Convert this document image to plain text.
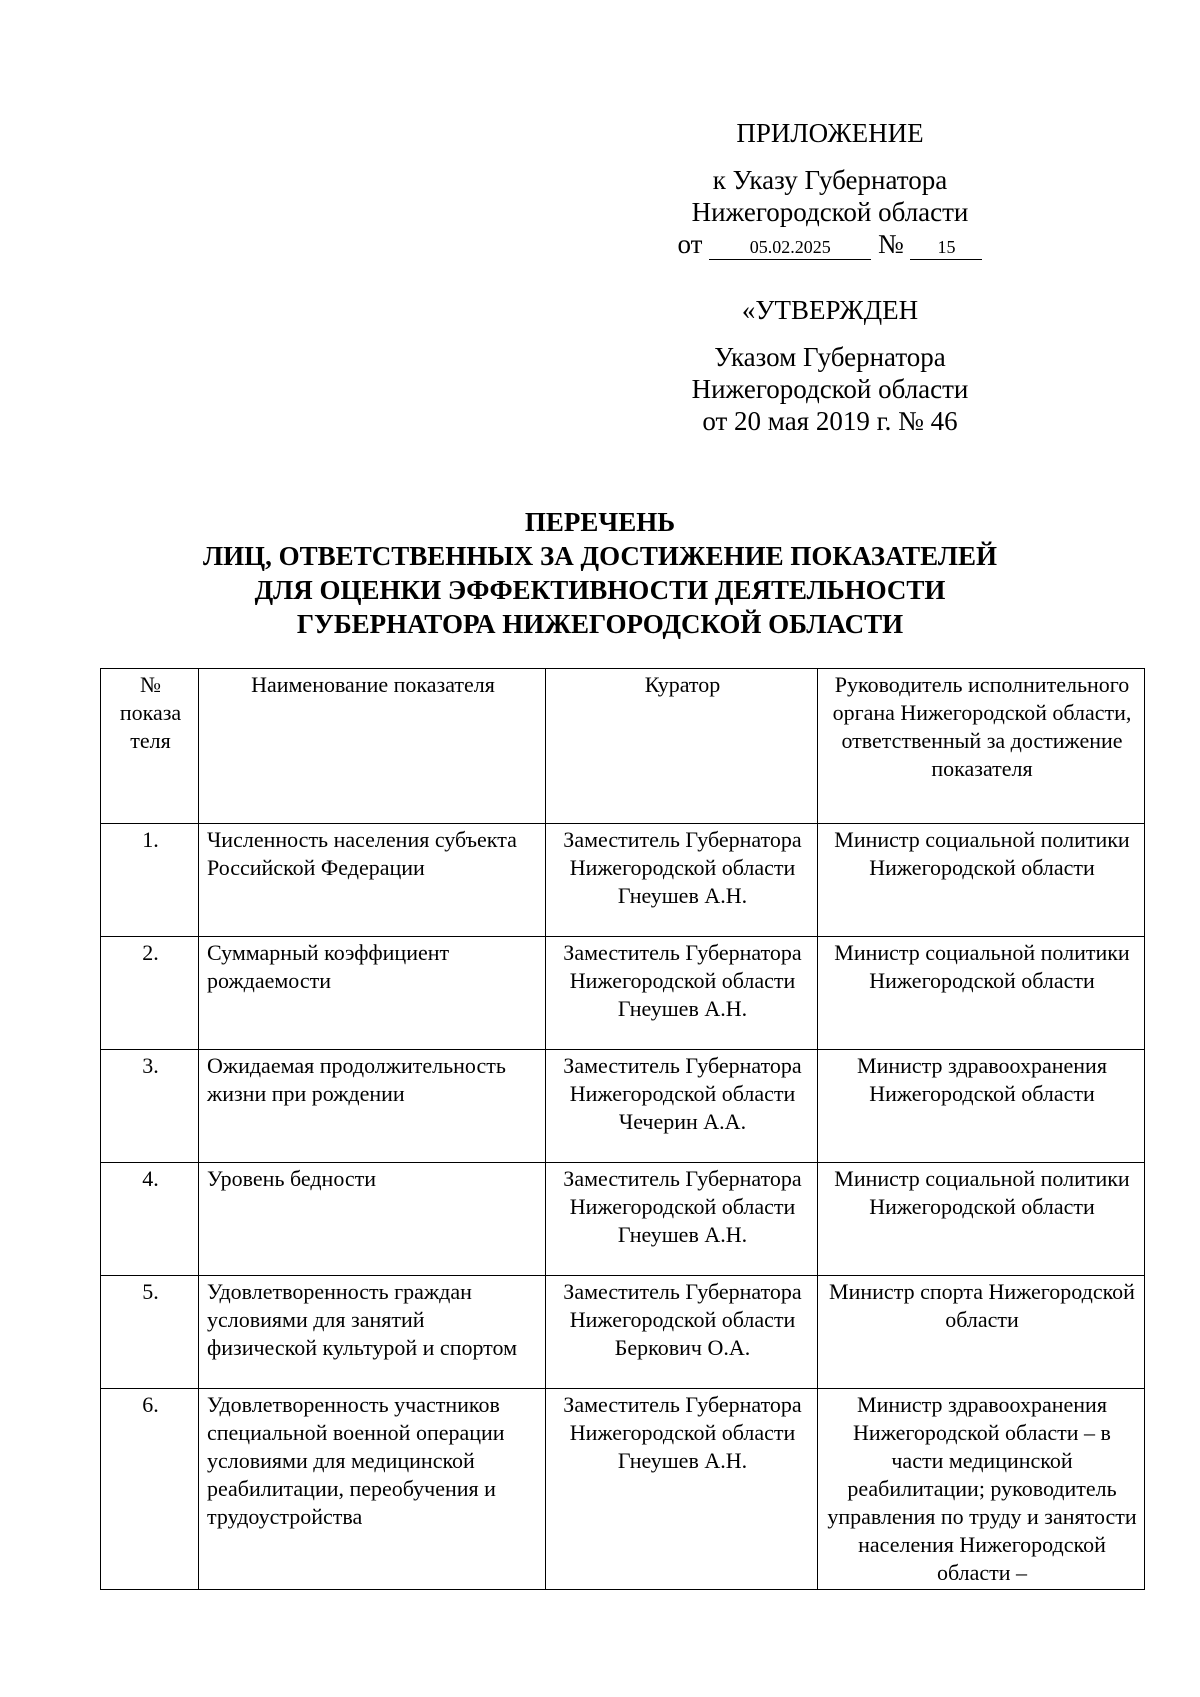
ПРИЛОЖЕНИЕ
к Указу Губернатора
Нижегородской области
от	05.02.2025 № 15
«УТВЕРЖДЕН
Указом Губернатора
Нижегородской области
от 20 мая 2019 г. № 46
ПЕРЕЧЕНЬ
ЛИЦ, ОТВЕТСТВЕННЫХ ЗА ДОСТИЖЕНИЕ ПОКАЗАТЕЛЕЙ
ДЛЯ ОЦЕНКИ ЭФФЕКТИВНОСТИ ДЕЯТЕЛЬНОСТИ
ГУБЕРНАТОРА НИЖЕГОРОДСКОЙ ОБЛАСТИ
№ показа теля	Наименование показателя	Куратор	Руководитель исполнительного органа Нижегородской области, ответственный за достижение показателя
1.	Численность населения субъекта Российской Федерации	Заместитель Губернатора Нижегородской области Гнеушев А.Н.	Министр социальной политики Нижегородской области
2.	Суммарный коэффициент рождаемости	Заместитель Губернатора Нижегородской области Гнеушев А.Н.	Министр социальной политики Нижегородской области
3.	Ожидаемая продолжительность жизни при рождении	Заместитель Губернатора Нижегородской области Чечерин А.А.	Министр здравоохранения Нижегородской области
4.	Уровень бедности	Заместитель Губернатора Нижегородской области Гнеушев А.Н.	Министр социальной политики Нижегородской области
5.	Удовлетворенность граждан условиями для занятий физической культурой и спортом	Заместитель Губернатора Нижегородской области Беркович О.А.	Министр спорта Нижегородской области
6.	Удовлетворенность участников специальной военной операции условиями для медицинской реабилитации, переобучения и трудоустройства	Заместитель Губернатора Нижегородской области Гнеушев А.Н.	Министр здравоохранения Нижегородской области – в части медицинской реабилитации; руководитель управления по труду и занятости населения Нижегородской области –
